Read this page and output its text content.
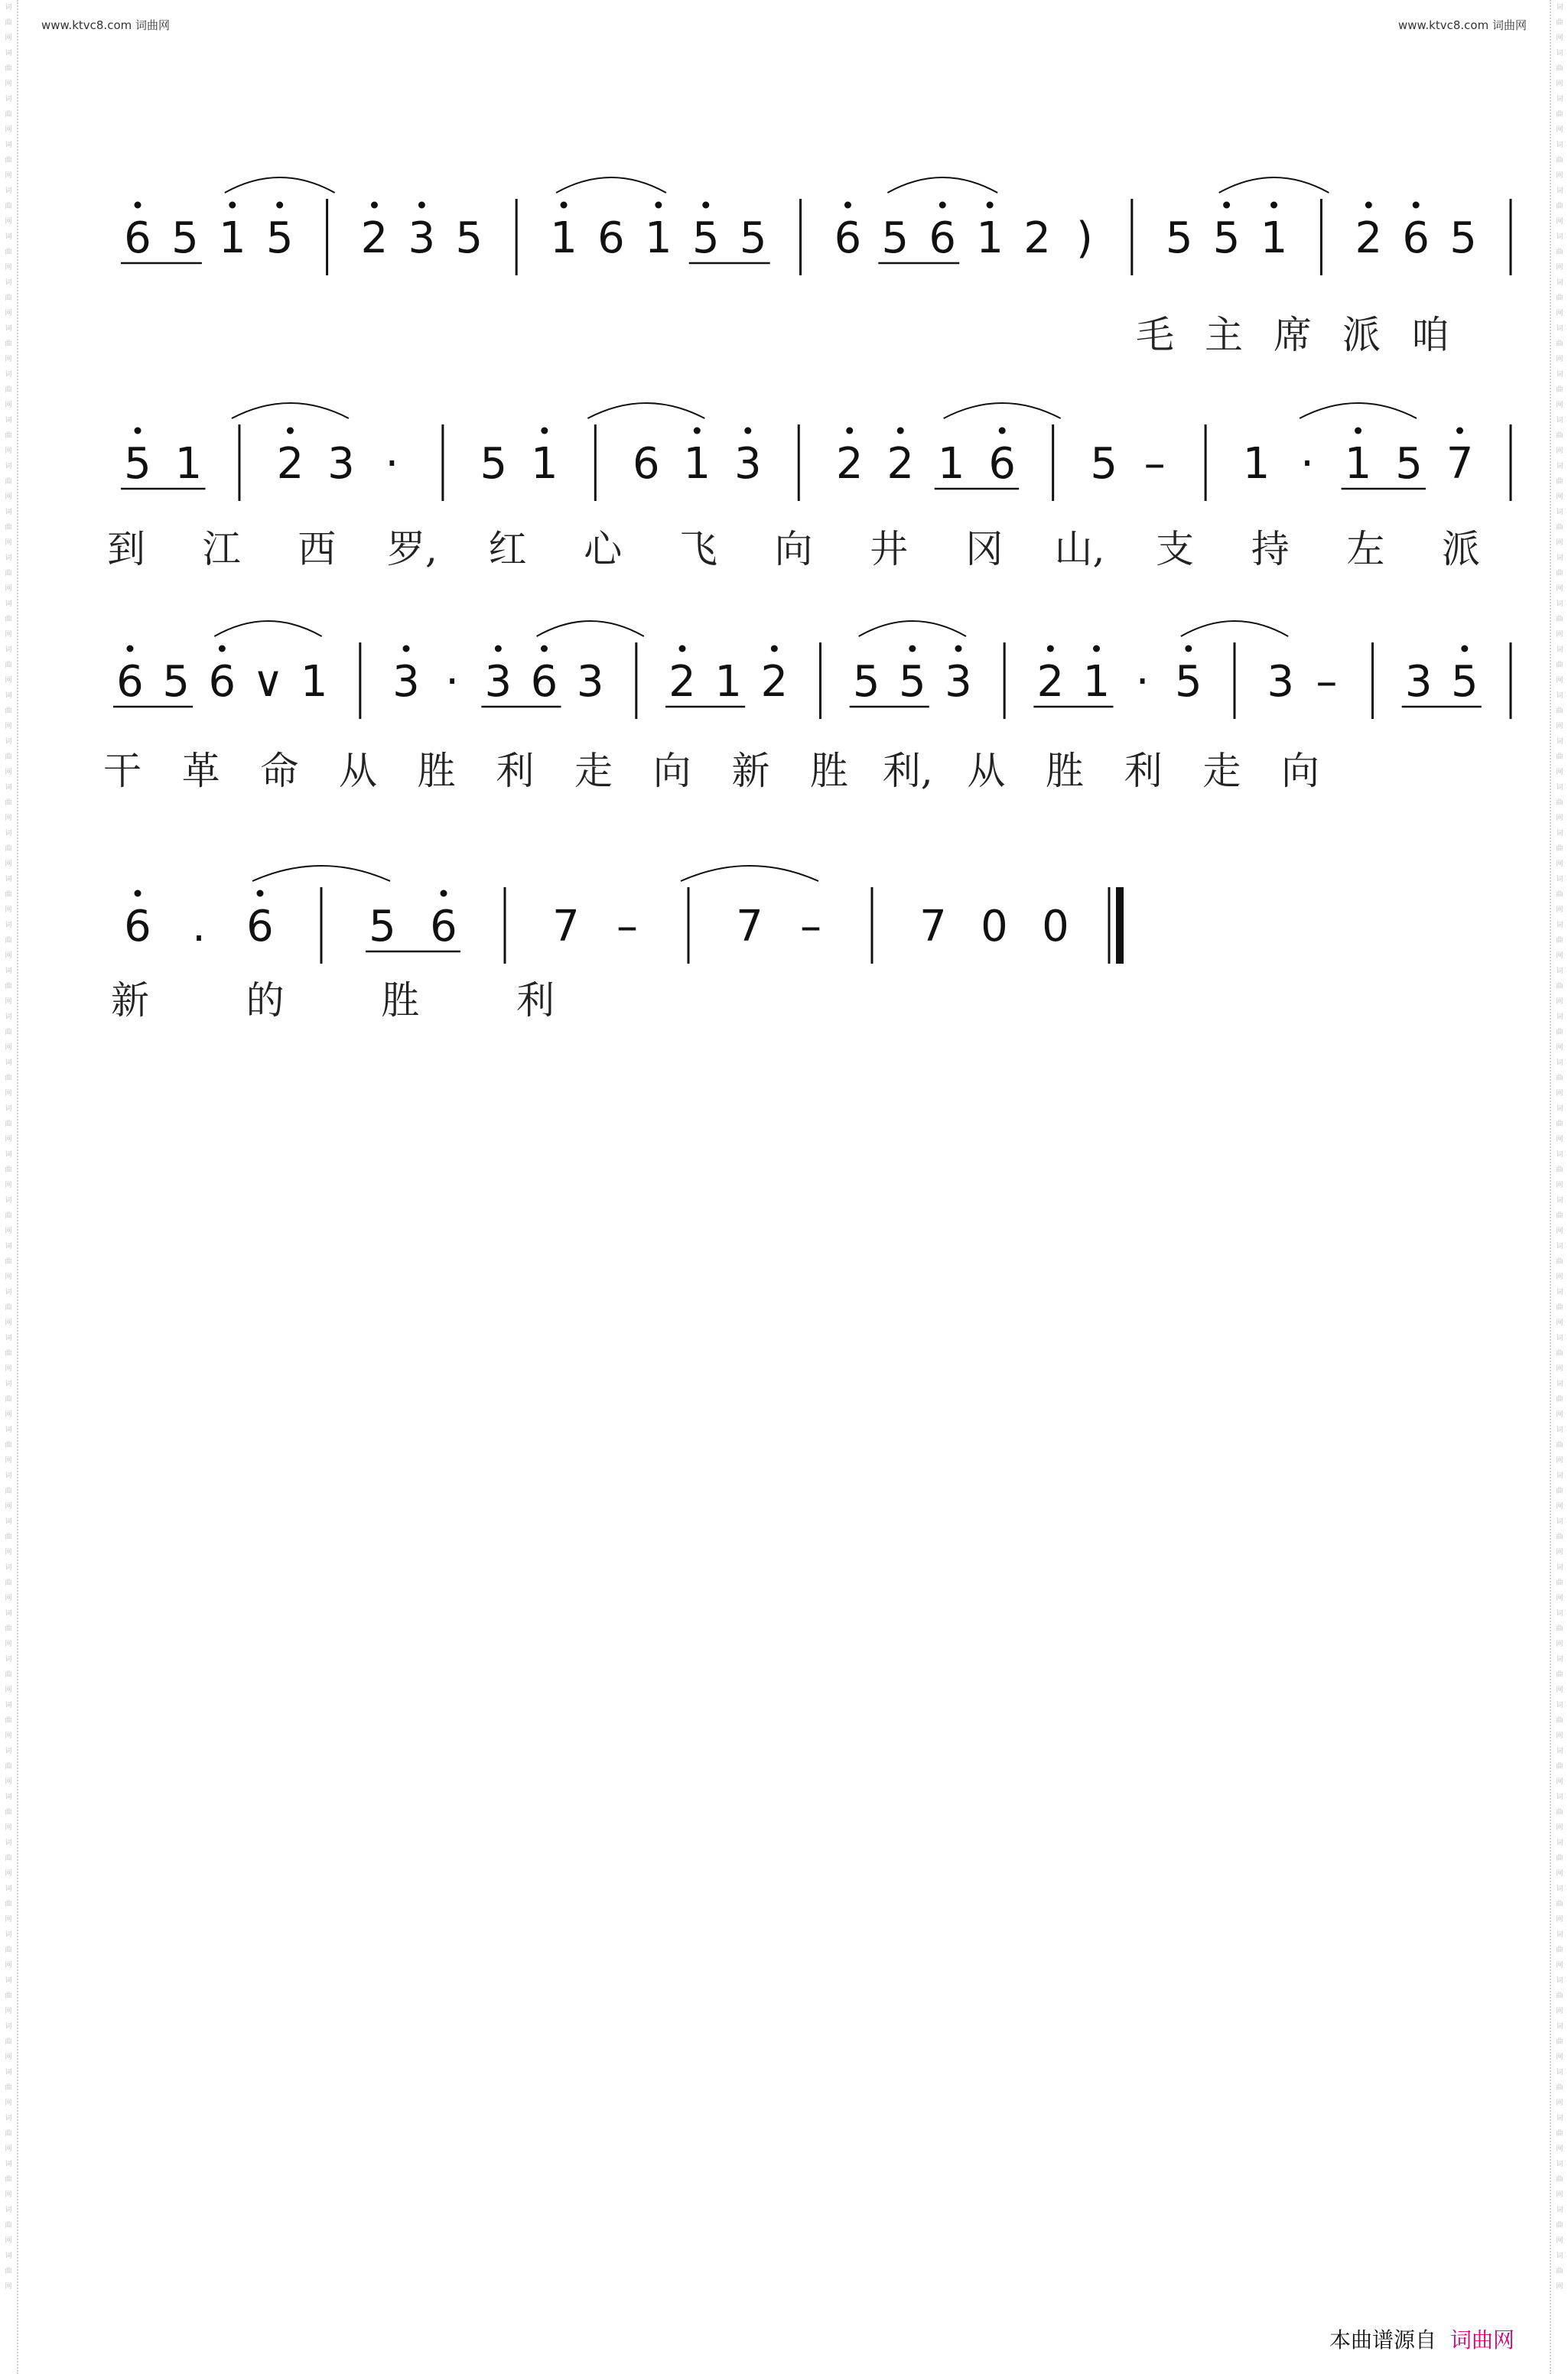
www.ktvc8.com 词曲网	www.ktvc8.com 词曲网
词
曲
网
词
曲
网
词
曲
网
词
曲
网
词
曲
网
词
曲
网
词
曲
网
词
曲
网
词
曲
网
词
曲
网
词
曲
网
词
曲
网
词
曲
网
词
曲
网
词
曲
网
词
曲
网
词
曲
网
词
曲
网
词
曲
网
词
曲
网
词
曲
网
词
曲
网
词
曲
网
词
曲
网
词
曲
网
词
曲
网
词
曲
网
词
曲
网
词
曲
网
词
曲
网
词
曲
网
词
曲
网
词
曲
网
词
曲
网
词
曲
网
词
曲
网
词
曲
网
词
曲
网
词
曲
网
词
曲
网
词
曲
网
词
曲
网
词
曲
网
词
曲
网
词
曲
网
词
曲
网
词
曲
网
词
曲
网
词
曲
网
词
曲
网
词
曲
网
词
曲
网
词
曲
网
词
曲
网
词
曲
网
词
曲
网
词
曲
网
词
曲
网
词
曲
网
词
曲
网
词
曲
网
词
曲
网
词
曲
网
词
曲
网
词
曲
网
词
曲
网
词
曲
网
词
曲
网
词
曲
网
词
曲
网
词
曲
网
词
曲
网
词
曲
网
词
曲
网
词
曲
网
词
曲
网
词
曲
网
词
曲
网
词
曲
网
词
曲
网
词
曲
网
词
曲
网
词
曲
网
词
曲
网
词
曲
网
词
曲
网
词
曲
网
词
曲
网
词
曲
网
词
曲
网
词
曲
网
词
曲
网
词
曲
网
词
曲
网
词
曲
网
词
曲
网
词
曲
网
词
曲
网
词
曲
网
词
曲
网
6 5 1 5 2 3 5 1 6 1 5 5 6 5 6 1 2 ) 5 5 1 2 6 5
毛 主 席 派 咱
5 1 2 3 · 5 1 6 1 3 2 2 1 6 5 – 1 · 1 5 7
到 江 西 罗, 红 心 飞 向 井 冈 山, 支 持 左 派
6 5 6 ∨ 1 3 · 3 6 3 2 1 2 5 5 3 2 1 · 5 3 – 3 5
干 革 命 从 胜 利 走 向 新 胜 利, 从 胜 利 走 向
6 . 6 5 6 7 – 7 – 7 0 0
新	的	胜	利
本曲谱源自 词曲网
